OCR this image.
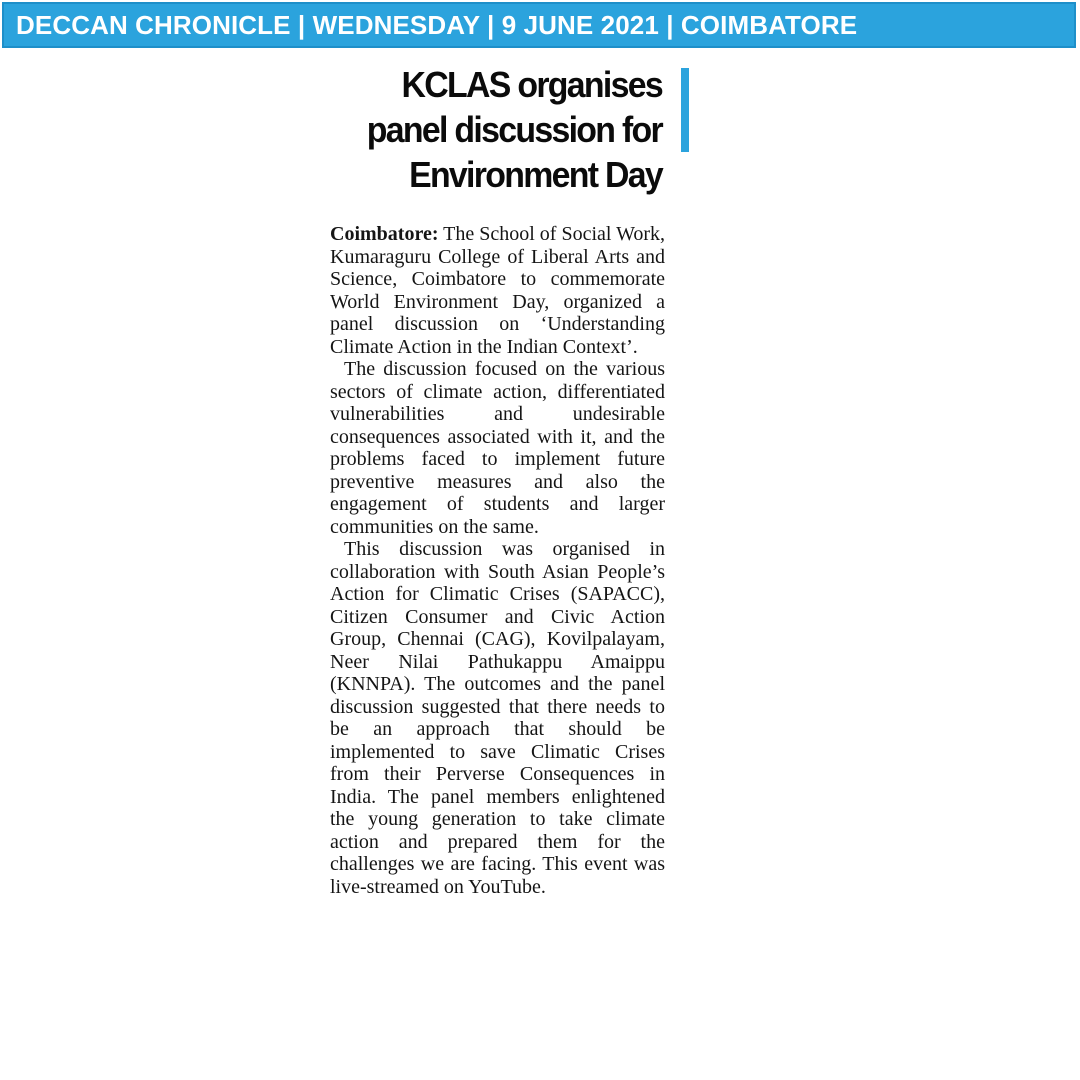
DECCAN CHRONICLE | WEDNESDAY | 9 JUNE 2021 | COIMBATORE
KCLAS organises
panel discussion for
Environment Day

Coimbatore: The School of Social Work, Kumaraguru College of Liberal Arts and Science, Coimbatore to commemorate World Environment Day, organized a panel discussion on ‘Understanding Climate Action in the Indian Context’.

The discussion focused on the various sectors of climate action, differentiated vulnerabilities and undesirable consequences associated with it, and the problems faced to implement future preventive measures and also the engagement of students and larger communities on the same.

This discussion was organised in collaboration with South Asian People’s Action for Climatic Crises (SAPACC), Citizen Consumer and Civic Action Group, Chennai (CAG), Kovilpalayam, Neer Nilai Pathukappu Amaippu (KNNPA). The outcomes and the panel discussion suggested that there needs to be an approach that should be implemented to save Climatic Crises from their Perverse Consequences in India. The panel members enlightened the young generation to take climate action and prepared them for the challenges we are facing. This event was live-streamed on YouTube.
